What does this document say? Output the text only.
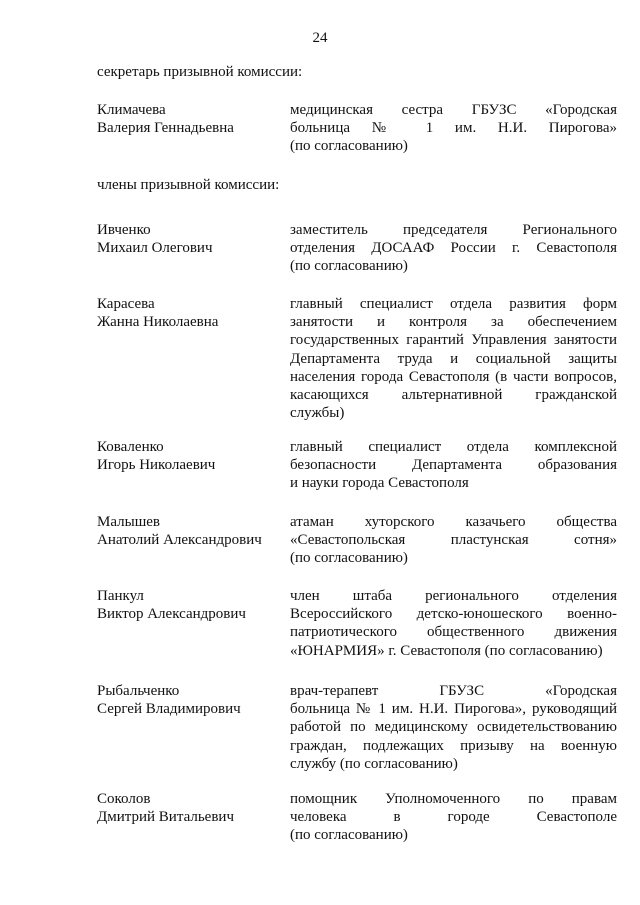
24
секретарь призывной комиссии:
Климачева
Валерия Геннадьевна
медицинская сестра ГБУЗС «Городская
больница № 1 им. Н.И. Пирогова»
(по согласованию)
члены призывной комиссии:
Ивченко
Михаил Олегович
заместитель председателя Регионального
отделения ДОСААФ России г. Севастополя
(по согласованию)
Карасева
Жанна Николаевна
главный специалист отдела развития форм
занятости и контроля за обеспечением
государственных гарантий Управления занятости
Департамента труда и социальной защиты
населения города Севастополя (в части вопросов,
касающихся альтернативной гражданской
службы)
Коваленко
Игорь Николаевич
главный специалист отдела комплексной
безопасности Департамента образования
и науки города Севастополя
Малышев
Анатолий Александрович
атаман хуторского казачьего общества
«Севастопольская пластунская сотня»
(по согласованию)
Панкул
Виктор Александрович
член штаба регионального отделения
Всероссийского детско-юношеского военно-
патриотического общественного движения
«ЮНАРМИЯ» г. Севастополя (по согласованию)
Рыбальченко
Сергей Владимирович
врач-терапевт ГБУЗС «Городская
больница № 1 им. Н.И. Пирогова», руководящий
работой по медицинскому освидетельствованию
граждан, подлежащих призыву на военную
службу (по согласованию)
Соколов
Дмитрий Витальевич
помощник Уполномоченного по правам
человека в городе Севастополе
(по согласованию)
